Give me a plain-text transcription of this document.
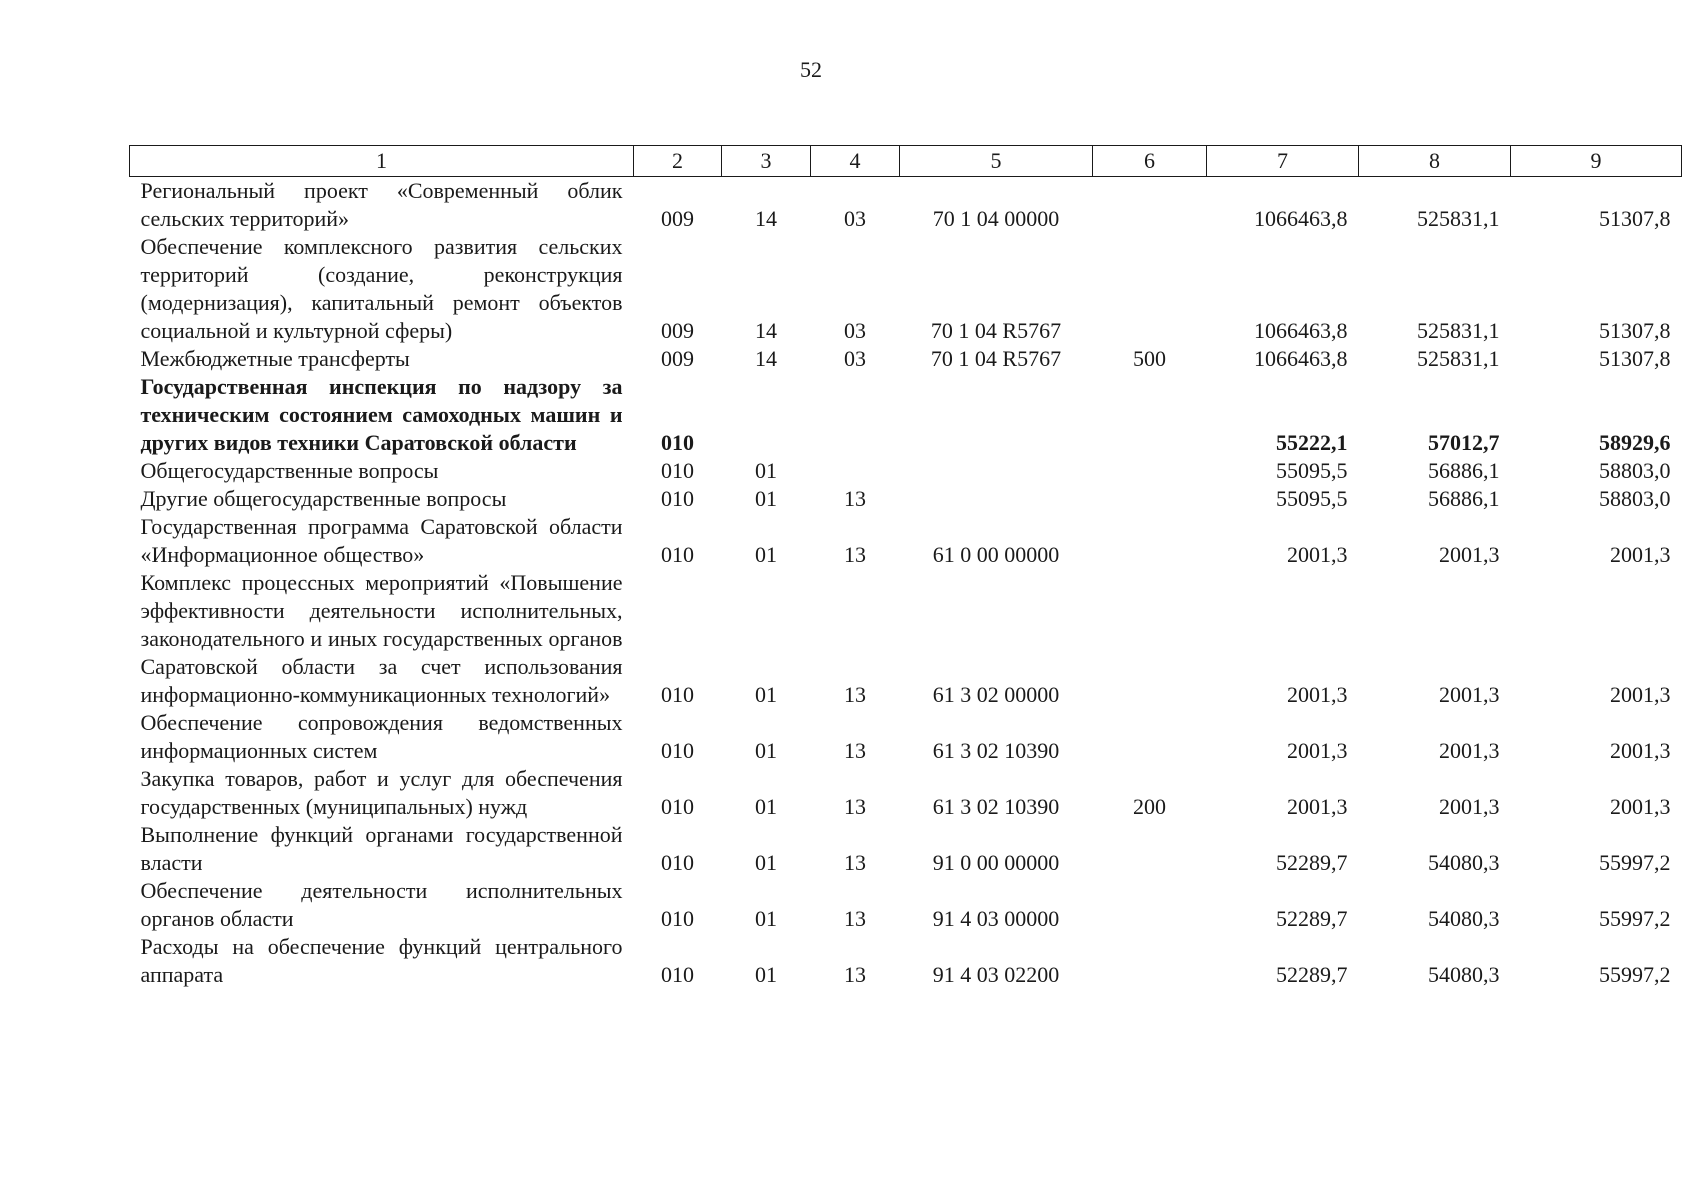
52
1	2	3	4	5	6	7	8	9
Региональный проект «Современный облик сельских территорий»	009	14	03	70 1 04 00000		1066463,8	525831,1	51307,8
Обеспечение комплексного развития сельских территорий (создание, реконструкция (модернизация), капитальный ремонт объектов социальной и культурной сферы)	009	14	03	70 1 04 R5767		1066463,8	525831,1	51307,8
Межбюджетные трансферты	009	14	03	70 1 04 R5767	500	1066463,8	525831,1	51307,8
Государственная инспекция по надзору за техническим состоянием самоходных машин и других видов техники Саратовской области	010					55222,1	57012,7	58929,6
Общегосударственные вопросы	010	01				55095,5	56886,1	58803,0
Другие общегосударственные вопросы	010	01	13			55095,5	56886,1	58803,0
Государственная программа Саратовской области «Информационное общество»	010	01	13	61 0 00 00000		2001,3	2001,3	2001,3
Комплекс процессных мероприятий «Повышение эффективности деятельности исполнительных, законодательного и иных государственных органов Саратовской области за счет использования информационно-коммуникационных технологий»	010	01	13	61 3 02 00000		2001,3	2001,3	2001,3
Обеспечение сопровождения ведомственных информационных систем	010	01	13	61 3 02 10390		2001,3	2001,3	2001,3
Закупка товаров, работ и услуг для обеспечения государственных (муниципальных) нужд	010	01	13	61 3 02 10390	200	2001,3	2001,3	2001,3
Выполнение функций органами государственной власти	010	01	13	91 0 00 00000		52289,7	54080,3	55997,2
Обеспечение деятельности исполнительных органов области	010	01	13	91 4 03 00000		52289,7	54080,3	55997,2
Расходы на обеспечение функций центрального аппарата	010	01	13	91 4 03 02200		52289,7	54080,3	55997,2
